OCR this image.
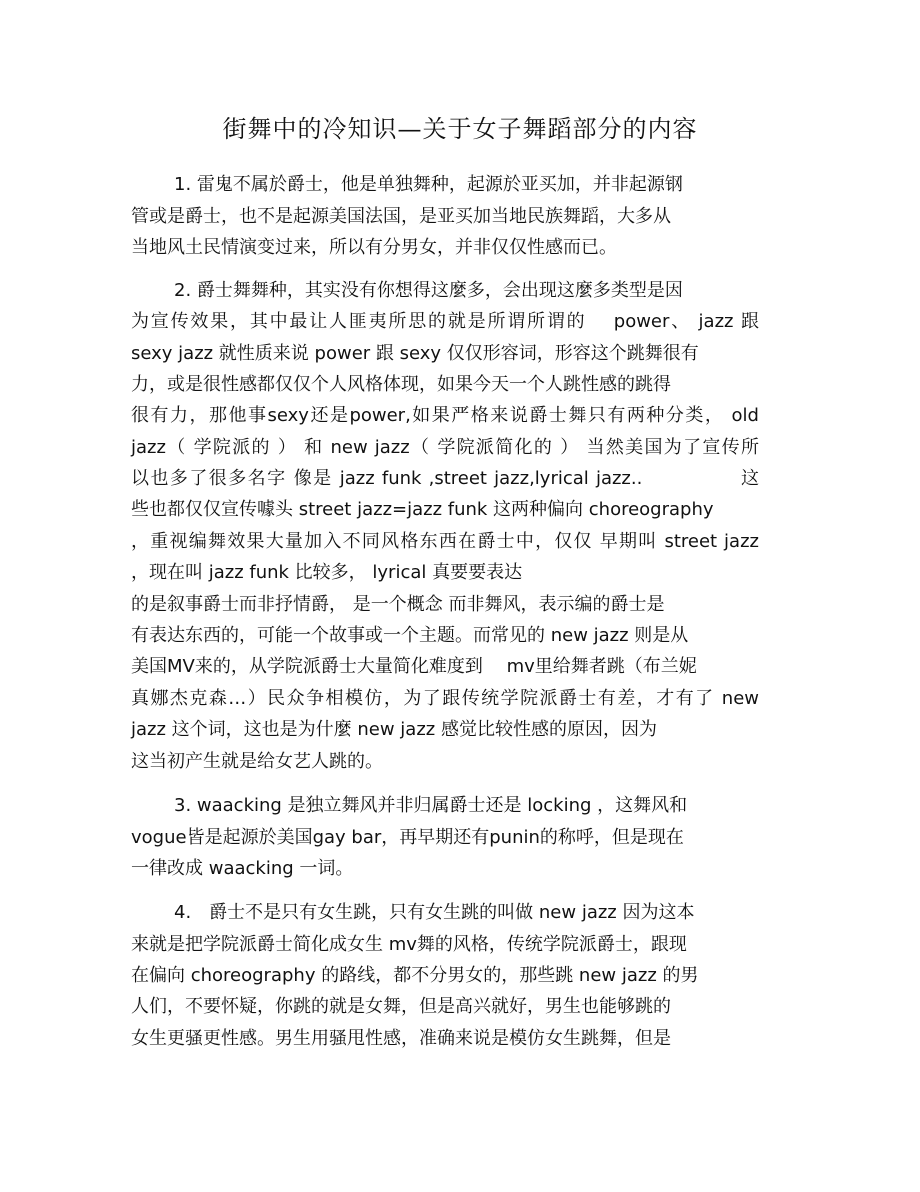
街舞中的冷知识—关于女子舞蹈部分的内容
1. 雷鬼不属於爵士，他是单独舞种，起源於亚买加，并非起源钢
管或是爵士，也不是起源美国法国，是亚买加当地民族舞蹈，大多从
当地风土民情演变过来，所以有分男女，并非仅仅性感而已。
2. 爵士舞舞种，其实没有你想得这麼多，会出现这麼多类型是因
为宣传效果，其中最让人匪夷所思的就是所谓所谓的　 power、 jazz 跟
sexy jazz 就性质来说 power 跟 sexy 仅仅形容词，形容这个跳舞很有
力，或是很性感都仅仅个人风格体现，如果今天一个人跳性感的跳得
很有力，那他事sexy还是power,如果严格来说爵士舞只有两种分类， old
jazz（ 学院派的 ） 和 new jazz（ 学院派简化的 ） 当然美国为了宣传所
以也多了很多名字 像是 jazz funk ,street jazz,lyrical jazz..　　　　　这
些也都仅仅宣传噱头 street jazz=jazz funk 这两种偏向 choreography
，重视编舞效果大量加入不同风格东西在爵士中，仅仅 早期叫 street jazz
，现在叫 jazz funk 比较多， lyrical 真要要表达
的是叙事爵士而非抒情爵， 是一个概念 而非舞风，表示编的爵士是
有表达东西的，可能一个故事或一个主题。而常见的 new jazz 则是从
美国MV来的，从学院派爵士大量简化难度到　 mv里给舞者跳（布兰妮
真娜杰克森…）民众争相模仿，为了跟传统学院派爵士有差，才有了 new
jazz 这个词，这也是为什麼 new jazz 感觉比较性感的原因，因为
这当初产生就是给女艺人跳的。
3. waacking 是独立舞风并非归属爵士还是 locking ，这舞风和
vogue皆是起源於美国gay bar，再早期还有punin的称呼，但是现在
一律改成 waacking 一词。
4.　爵士不是只有女生跳，只有女生跳的叫做 new jazz 因为这本
来就是把学院派爵士简化成女生 mv舞的风格，传统学院派爵士，跟现
在偏向 choreography 的路线，都不分男女的，那些跳 new jazz 的男
人们，不要怀疑，你跳的就是女舞，但是高兴就好，男生也能够跳的
女生更骚更性感。男生用骚甩性感，准确来说是模仿女生跳舞，但是
